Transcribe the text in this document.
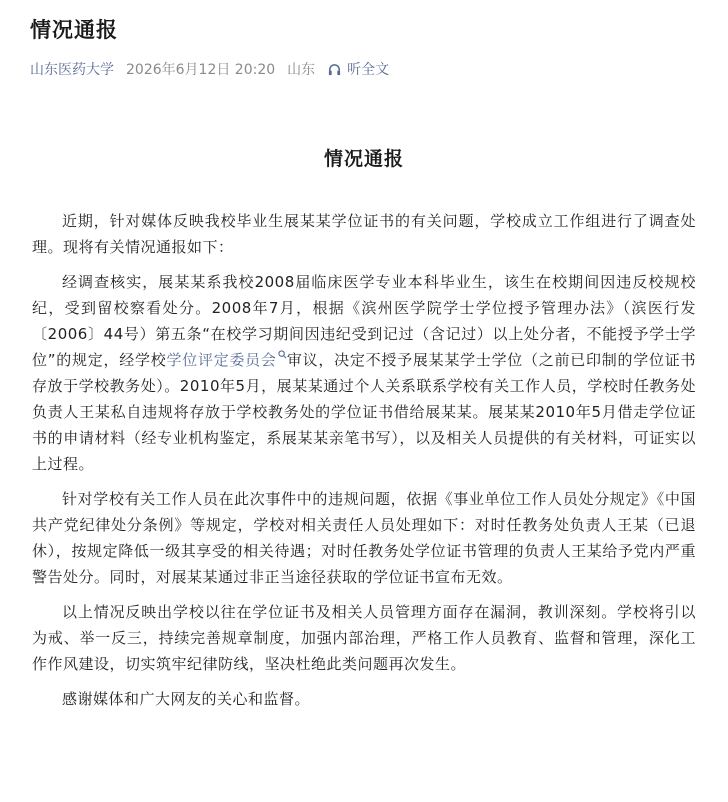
情况通报
山东医药大学 2026年6月12日 20:20 山东 听全文
情况通报

近期，针对媒体反映我校毕业生展某某学位证书的有关问题，学校成立工作组进行了调查处理。现将有关情况通报如下：

经调查核实，展某某系我校2008届临床医学专业本科毕业生，该生在校期间因违反校规校纪，受到留校察看处分。2008年7月，根据《滨州医学院学士学位授予管理办法》（滨医行发〔2006〕44号）第五条“在校学习期间因违纪受到记过（含记过）以上处分者，不能授予学士学位”的规定，经学校学位评定委员会 审议，决定不授予展某某学士学位（之前已印制的学位证书存放于学校教务处）。2010年5月，展某某通过个人关系联系学校有关工作人员，学校时任教务处负责人王某私自违规将存放于学校教务处的学位证书借给展某某。展某某2010年5月借走学位证书的申请材料（经专业机构鉴定，系展某某亲笔书写），以及相关人员提供的有关材料，可证实以上过程。

针对学校有关工作人员在此次事件中的违规问题，依据《事业单位工作人员处分规定》《中国共产党纪律处分条例》等规定，学校对相关责任人员处理如下：对时任教务处负责人王某（已退休），按规定降低一级其享受的相关待遇；对时任教务处学位证书管理的负责人王某给予党内严重警告处分。同时，对展某某通过非正当途径获取的学位证书宣布无效。

以上情况反映出学校以往在学位证书及相关人员管理方面存在漏洞，教训深刻。学校将引以为戒、举一反三，持续完善规章制度，加强内部治理，严格工作人员教育、监督和管理，深化工作作风建设，切实筑牢纪律防线，坚决杜绝此类问题再次发生。

感谢媒体和广大网友的关心和监督。
